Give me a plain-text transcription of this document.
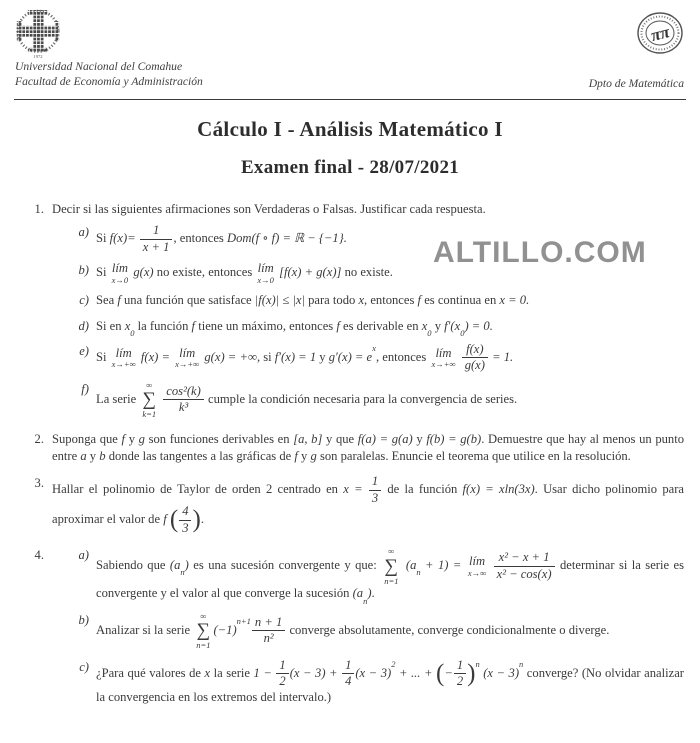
1972
ππ
Universidad Nacional del Comahue
Facultad de Economía y Administración	Dpto de Matemática
Cálculo I - Análisis Matemático I
Examen final - 28/07/2021
ALTILLO.COM
1. Decir si las siguientes afirmaciones son Verdaderas o Falsas. Justificar cada respuesta.
a) Si $f(x)= \frac{1}{x + 1}$ , entonces Dom(f ∘ f) = ℝ − {−1}.
b) Si lím
x→0
g(x) no existe, entonces lím
x→0
[f(x) + g(x)] no existe.
c) Sea f una función que satisface |f(x)| ≤ |x| para todo x, entonces f es continua en x = 0.
d) Si en $x_0$ la función f tiene un máximo, entonces f es derivable en $x_0$ y $f'(x_0) = 0$.
e) Si lím
x→+∞
f(x) = lím
x→+∞
g(x) = +∞, si f′(x) = 1 y $g'(x) = e^x$, entonces lím
x→+∞
$\frac{f(x)}{g(x)} = 1$.
f)
La serie
∞
∑
k=1
$\frac{\text{cos²(k)}}{\text{k³}}$ cumple la condición necesaria para la convergencia de series.
2. Suponga que f y g son funciones derivables en [a, b] y que f(a) = g(a) y f(b) = g(b). Demuestre que hay al menos un punto entre a y b donde las tangentes a las gráficas de f y g son paralelas. Enuncie el teorema que utilice en la resolución.
3. Hallar el polinomio de Taylor de orden 2 centrado en $x = \frac{1}{3}$ de la función f(x) = xln(3x). Usar dicho polinomio para aproximar el valor de f ( $\frac{4}{3}$ ).
4.	a)
Sabiendo que $(a_n)$ es una sucesión convergente y que:
∞
∑
n=1
$(a_n + 1)$ = lím
x→∞
$\frac{\text{x² − x + 1}}{\text{x² − cos(x)}}$ determinar si la serie es convergente y el valor al que converge la sucesión $(a_n)$.
b)
Analizar si la serie
∞
∑
n=1
$(-1)^{n+1} \frac{n + 1}{\text{n²}}$ converge absolutamente, converge condicionalmente o diverge.
c) ¿Para qué valores de x la serie $1 - \frac{1}{2} (x - 3) + \frac{1}{4} (x - 3)^2$ + ... + (− $\frac{1}{2} )^n$ $(x - 3)^n$ converge? (No olvidar analizar la convergencia en los extremos del intervalo.)
